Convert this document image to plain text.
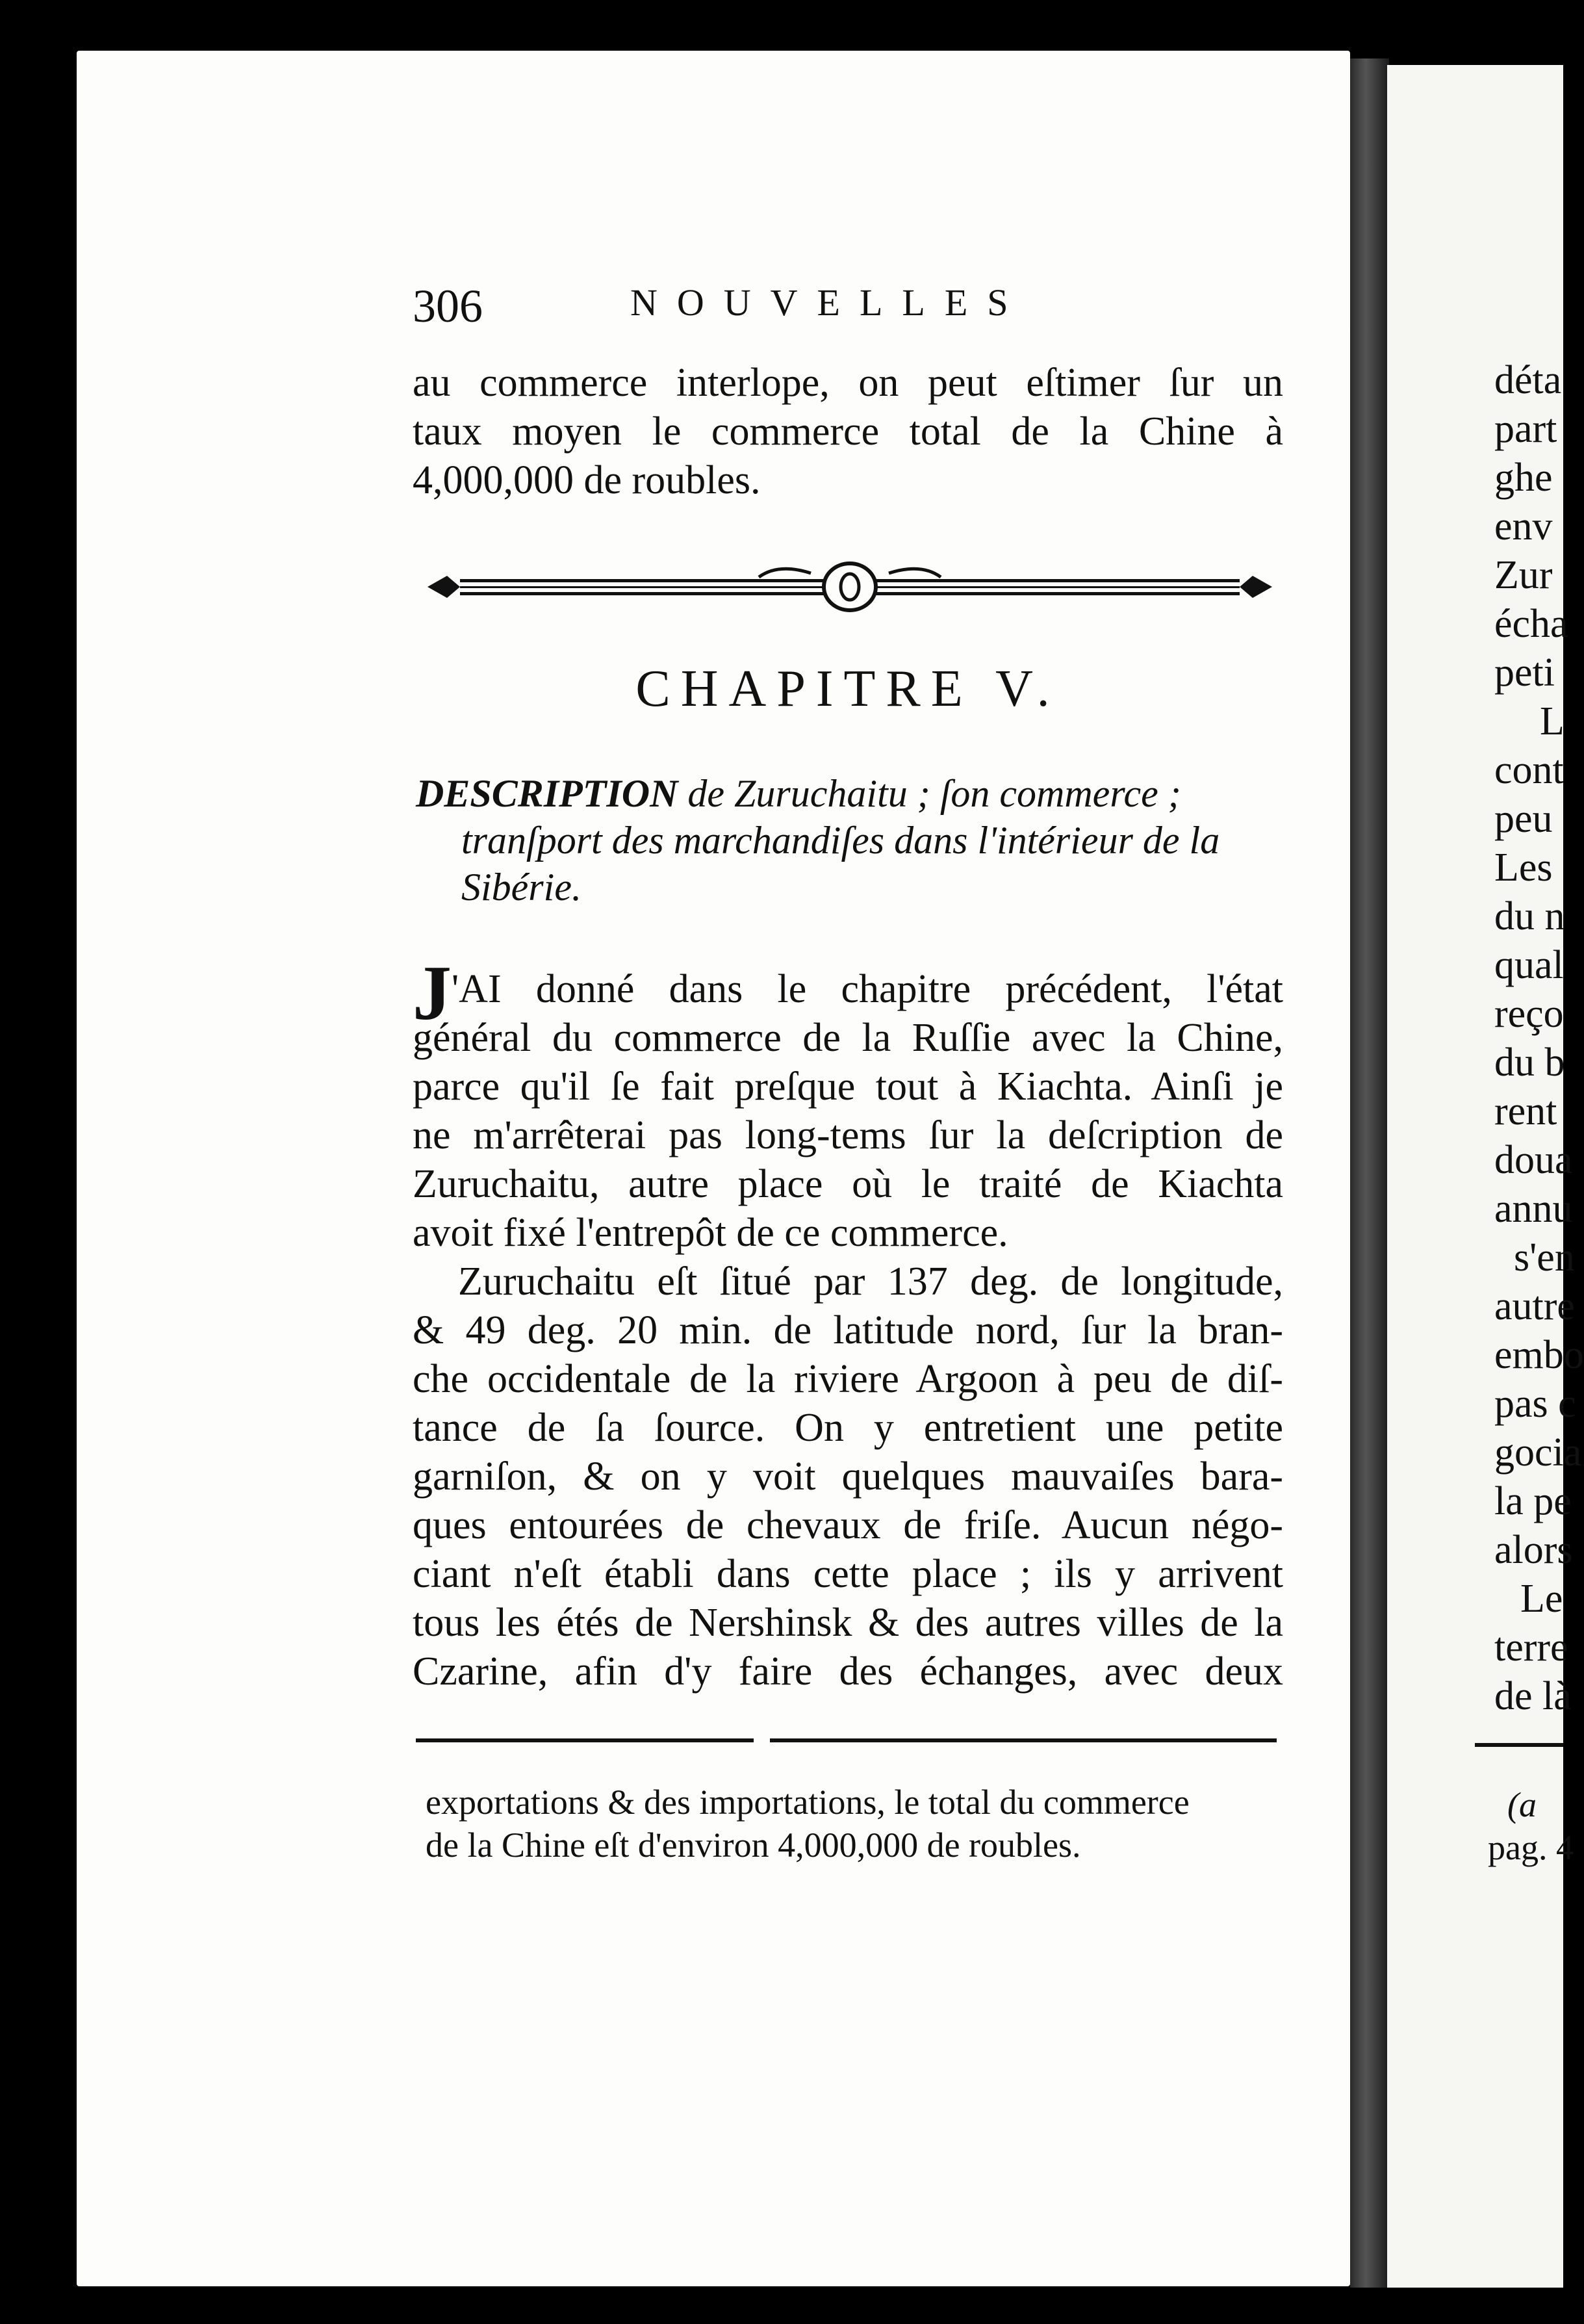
306	NOUVELLES

au commerce interlope, on peut eſtimer ſur un

taux moyen le commerce total de la Chine à

4,000,000 de roubles.

CHAPITRE V.
DESCRIPTION de Zuruchaitu ; ſon commerce ;
tranſport des marchandiſes dans l'intérieur de la
Sibérie.

J'AI donné dans le chapitre précédent, l'état

général du commerce de la Ruſſie avec la Chine,

parce qu'il ſe fait preſque tout à Kiachta. Ainſi je

ne m'arrêterai pas long-tems ſur la deſcription de

Zuruchaitu, autre place où le traité de Kiachta

avoit fixé l'entrepôt de ce commerce.

Zuruchaitu eſt ſitué par 137 deg. de longitude,

& 49 deg. 20 min. de latitude nord, ſur la bran-

che occidentale de la riviere Argoon à peu de diſ-

tance de ſa ſource. On y entretient une petite

garniſon, & on y voit quelques mauvaiſes bara-

ques entourées de chevaux de friſe. Aucun négo-

ciant n'eſt établi dans cette place ; ils y arrivent

tous les étés de Nershinsk & des autres villes de la

Czarine, afin d'y faire des échanges, avec deux

exportations & des importations, le total du commerce

de la Chine eſt d'environ 4,000,000 de roubles.

déta
part
ghe
env
Zur
écha
peti
L
cont
peu
Les
du n
qual
reço
du b
rent
doua
annu
s'en
autre
embo
pas c
gocia
la pe
alors
Le
terre
de là
(a
pag. 4
